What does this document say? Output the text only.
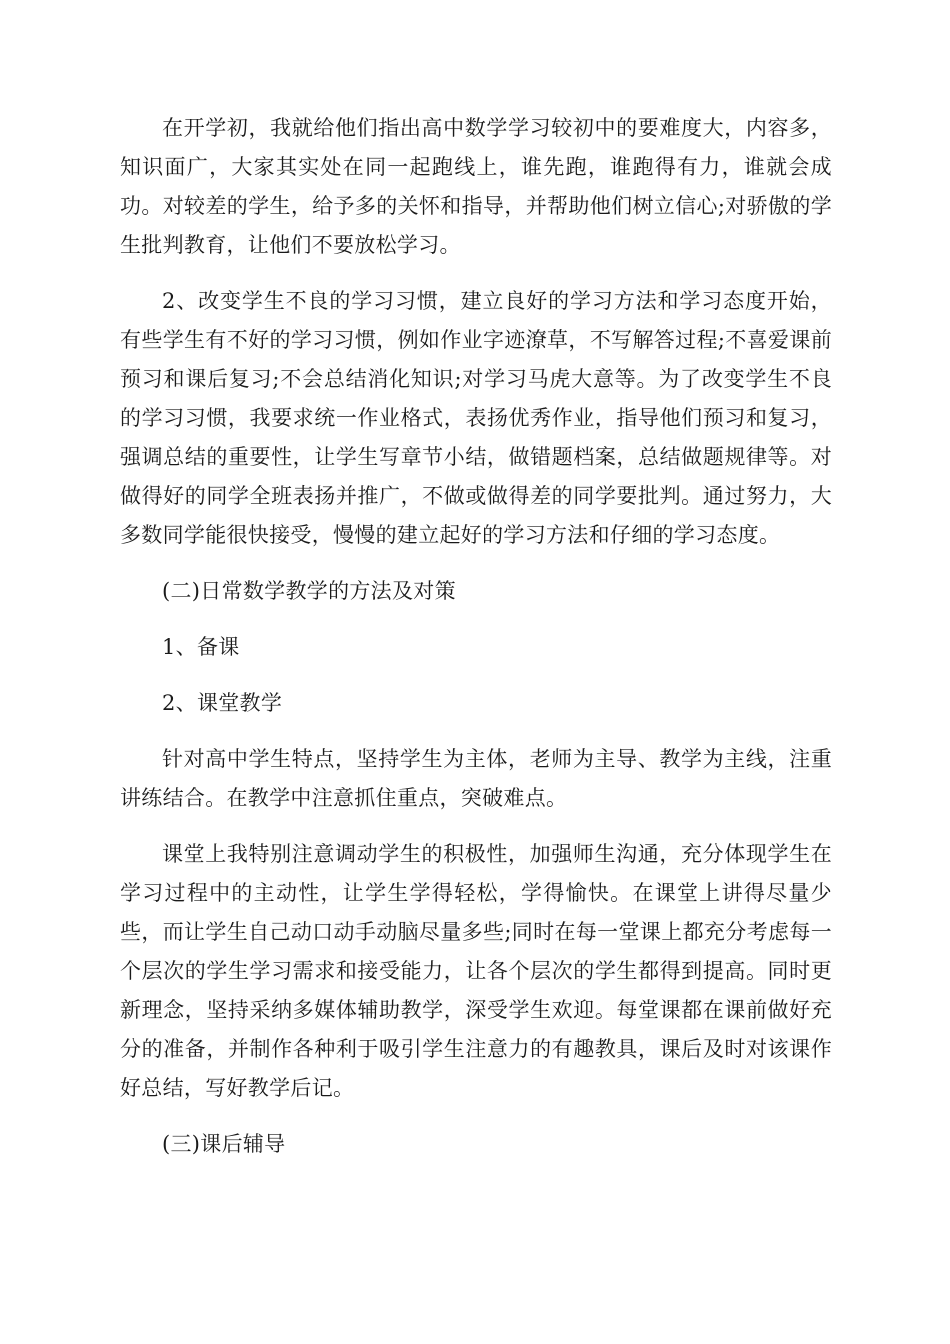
在开学初，我就给他们指出高中数学学习较初中的要难度大，内容多，知识面广，大家其实处在同一起跑线上，谁先跑，谁跑得有力，谁就会成功。对较差的学生，给予多的关怀和指导，并帮助他们树立信心;对骄傲的学生批判教育，让他们不要放松学习。

2、改变学生不良的学习习惯，建立良好的学习方法和学习态度开始，有些学生有不好的学习习惯，例如作业字迹潦草，不写解答过程;不喜爱课前预习和课后复习;不会总结消化知识;对学习马虎大意等。为了改变学生不良的学习习惯，我要求统一作业格式，表扬优秀作业，指导他们预习和复习，强调总结的重要性，让学生写章节小结，做错题档案，总结做题规律等。对做得好的同学全班表扬并推广，不做或做得差的同学要批判。通过努力，大多数同学能很快接受，慢慢的建立起好的学习方法和仔细的学习态度。

(二)日常数学教学的方法及对策

1、备课

2、课堂教学

针对高中学生特点，坚持学生为主体，老师为主导、教学为主线，注重讲练结合。在教学中注意抓住重点，突破难点。

课堂上我特别注意调动学生的积极性，加强师生沟通，充分体现学生在学习过程中的主动性，让学生学得轻松，学得愉快。在课堂上讲得尽量少些，而让学生自己动口动手动脑尽量多些;同时在每一堂课上都充分考虑每一个层次的学生学习需求和接受能力，让各个层次的学生都得到提高。同时更新理念，坚持采纳多媒体辅助教学，深受学生欢迎。每堂课都在课前做好充分的准备，并制作各种利于吸引学生注意力的有趣教具，课后及时对该课作好总结，写好教学后记。

(三)课后辅导
